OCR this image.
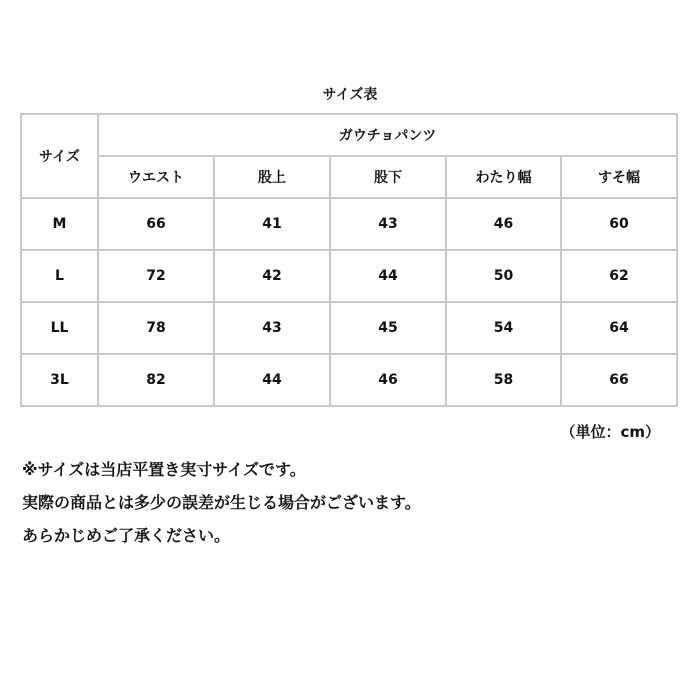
サイズ表
サイズ	ガウチョパンツ				
	ウエスト	股上	股下	わたり幅	すそ幅
M	66	41	43	46	60
L	72	42	44	50	62
LL	78	43	45	54	64
3L	82	44	46	58	66
（単位：cm）
※サイズは当店平置き実寸サイズです。
実際の商品とは多少の誤差が生じる場合がございます。
あらかじめご了承ください。
